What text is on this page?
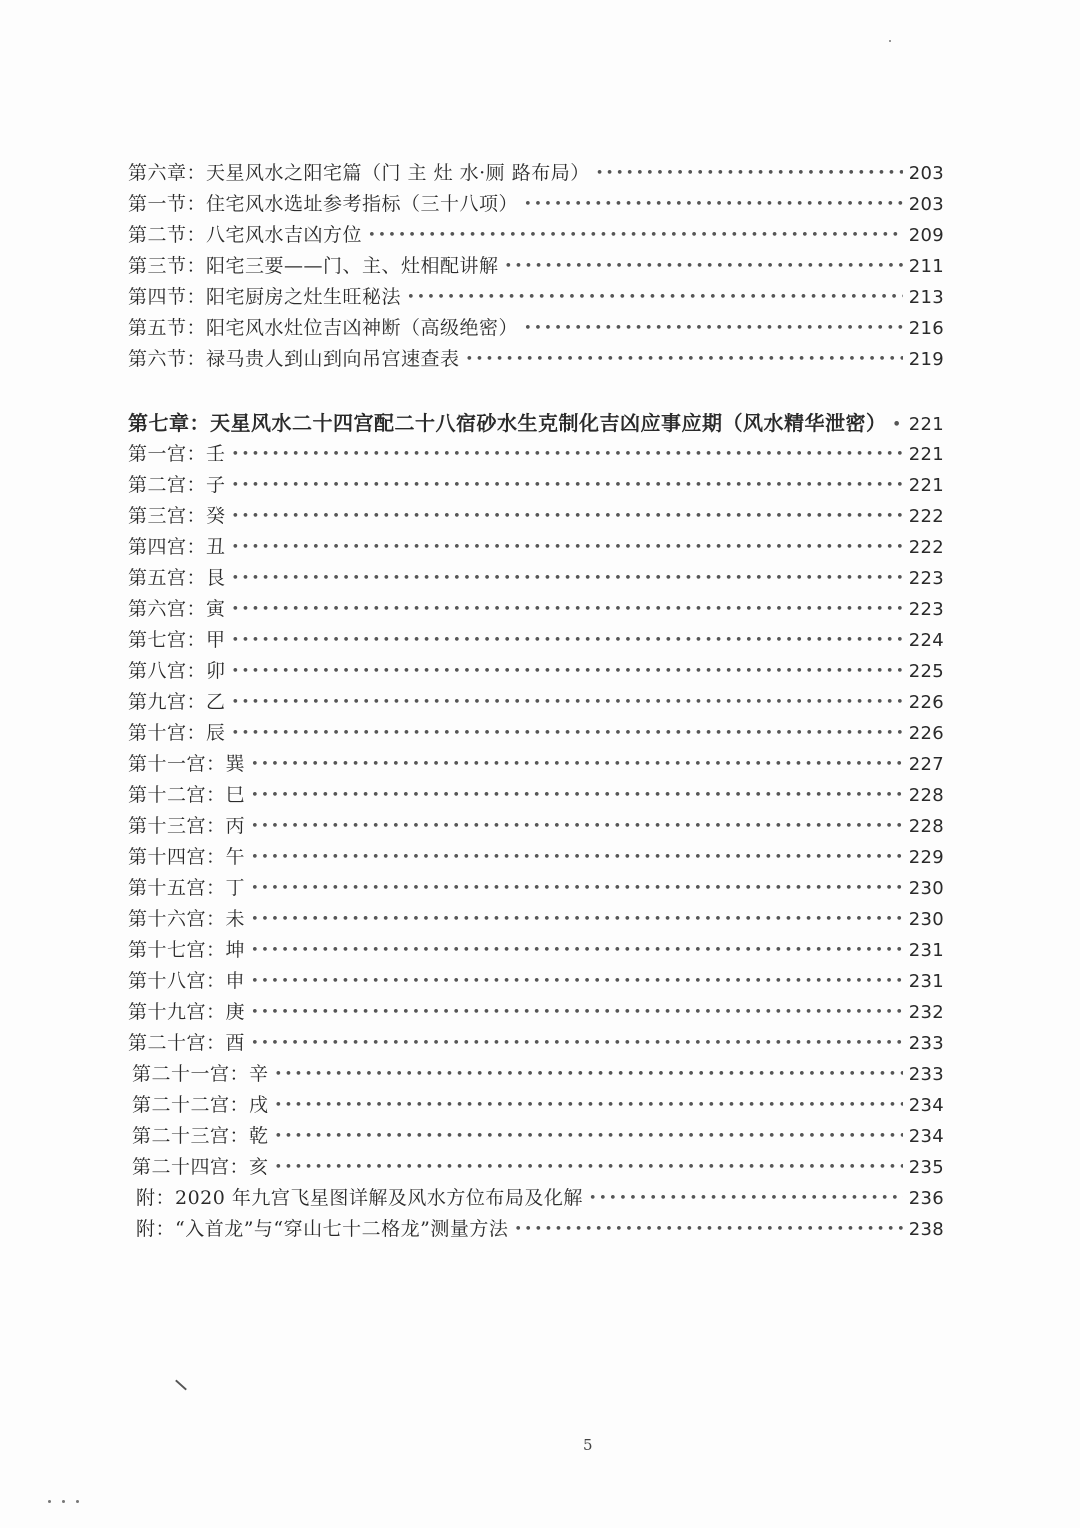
第六章：天星风水之阳宅篇（门 主 灶 水·厕 路布局） •••••	203
第一节：住宅风水选址参考指标（三十八项） •••••	203
第二节：八宅风水吉凶方位 •••••	209
第三节：阳宅三要——门、主、灶相配讲解 •••••	211
第四节：阳宅厨房之灶生旺秘法 •••••	213
第五节：阳宅风水灶位吉凶神断（高级绝密） •••••	216
第六节：禄马贵人到山到向吊宫速查表 •••••	219
第七章：天星风水二十四宫配二十八宿砂水生克制化吉凶应事应期（风水精华泄密） ••••• 221
第一宫：壬 •••••	221
第二宫：子 •••••	221
第三宫：癸 •••••	222
第四宫：丑 •••••	222
第五宫：艮 •••••	223
第六宫：寅 •••••	223
第七宫：甲 •••••	224
第八宫：卯 •••••	225
第九宫：乙 •••••	226
第十宫：辰 •••••	226
第十一宫：巽 •••••	227
第十二宫：巳 •••••	228
第十三宫：丙 •••••	228
第十四宫：午 •••••	229
第十五宫：丁 •••••	230
第十六宫：未 •••••	230
第十七宫：坤 •••••	231
第十八宫：申 •••••	231
第十九宫：庚 •••••	232
第二十宫：酉 •••••	233
第二十一宫：辛 •••••	233
第二十二宫：戌 •••••	234
第二十三宫：乾 •••••	234
第二十四宫：亥 •••••	235
附：2020 年九宫飞星图详解及风水方位布局及化解 •••••	236
附：“入首龙”与“穿山七十二格龙”测量方法 •••••	238
5
